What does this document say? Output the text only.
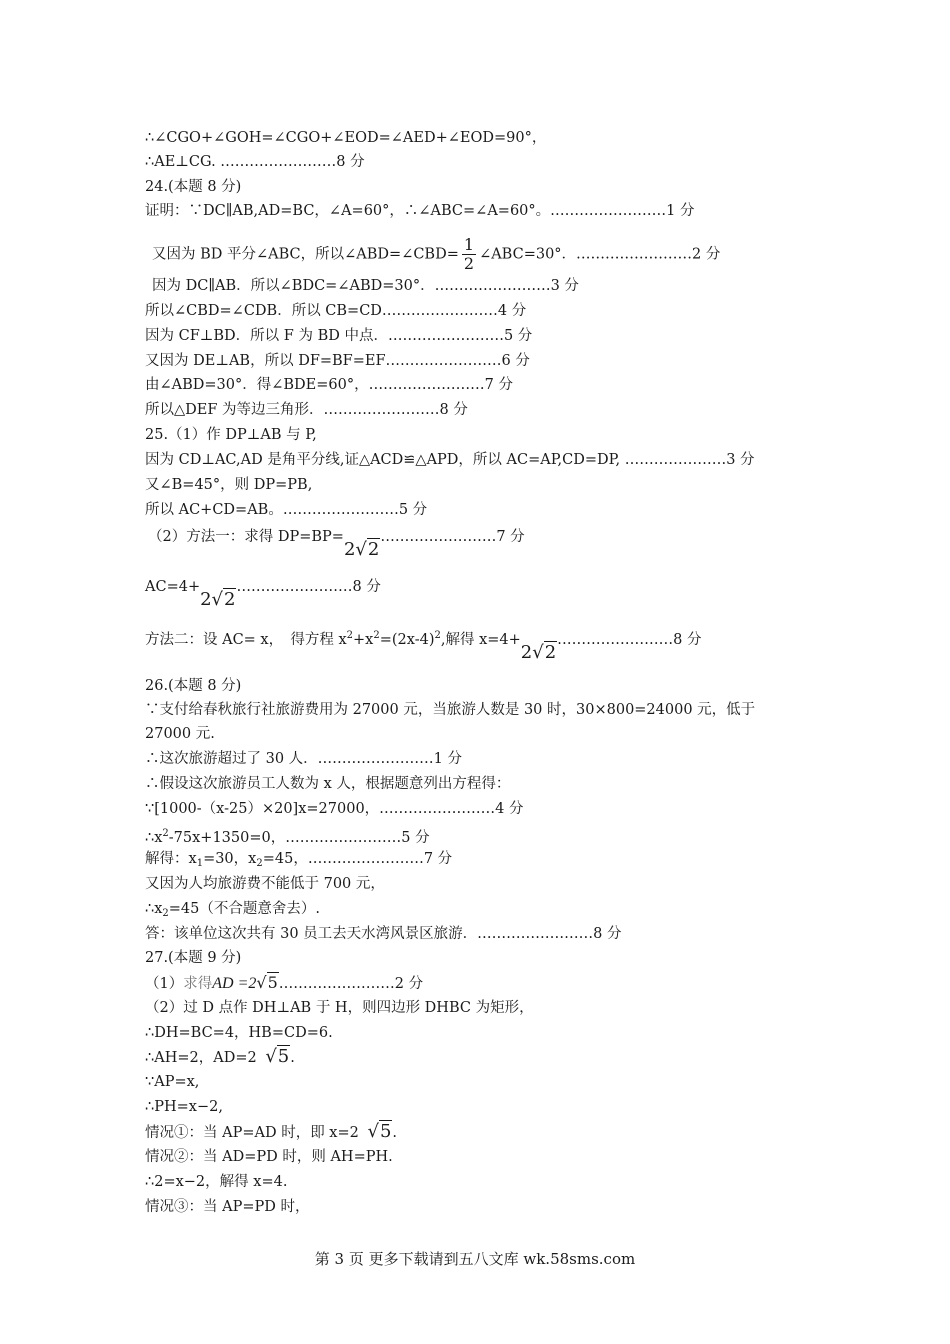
∴∠CGO+∠GOH=∠CGO+∠EOD=∠AED+∠EOD=90°，
∴AE⊥CG. ……………………8 分
24.(本题 8 分)
证明：∵DC∥AB,AD=BC，∠A=60°，∴∠ABC=∠A=60°。……………………1 分
又因为 BD 平分∠ABC，所以∠ABD=∠CBD= $\frac{1}{2}$ ∠ABC=30°．……………………2 分
因为 DC∥AB．所以∠BDC=∠ABD=30°．……………………3 分
所以∠CBD=∠CDB．所以 CB=CD……………………4 分
因为 CF⊥BD．所以 F 为 BD 中点．……………………5 分
又因为 DE⊥AB，所以 DF=BF=EF……………………6 分
由∠ABD=30°．得∠BDE=60°，……………………7 分
所以△DEF 为等边三角形．……………………8 分
25.（1）作 DP⊥AB 与 P,
因为 CD⊥AC,AD 是角平分线,证△ACD≌△APD，所以 AC=AP,CD=DP, …………………3 分
又∠B=45°，则 DP=PB,
所以 AC+CD=AB。……………………5 分
（2）方法一：求得 DP=BP=2√2……………………7 分
AC=4+2√2……………………8 分
方法二：设 AC= x，　得方程 $x^2+x^2=(2x-4)^2$,解得 x=4+2√2……………………8 分
26.(本题 8 分)
∵支付给春秋旅行社旅游费用为 27000 元，当旅游人数是 30 时，30×800=24000 元，低于
27000 元.
∴这次旅游超过了 30 人．……………………1 分
∴假设这次旅游员工人数为 x 人，根据题意列出方程得：
∵[1000-（x-25）×20]x=27000，……………………4 分
$\therefore x^2-75x+1350=0$，……………………5 分
解得：$x_1=30$，$x_2=45$，……………………7 分
又因为人均旅游费不能低于 700 元，
$\therefore x_2=45$（不合题意舍去）.
答：该单位这次共有 30 员工去天水湾风景区旅游．……………………8 分
27.(本题 9 分)
（1）求得AD =2√5……………………2 分
（2）过 D 点作 DH⊥AB 于 H，则四边形 DHBC 为矩形，
∴DH=BC=4，HB=CD=6.
∴AH=2，AD=2 √5.
∵AP=x,
∴PH=x−2,
情况①：当 AP=AD 时，即 x=2 √5.
情况②：当 AD=PD 时，则 AH=PH.
∴2=x−2，解得 x=4.
情况③：当 AP=PD 时，
第 3 页 更多下载请到五八文库 wk.58sms.com
